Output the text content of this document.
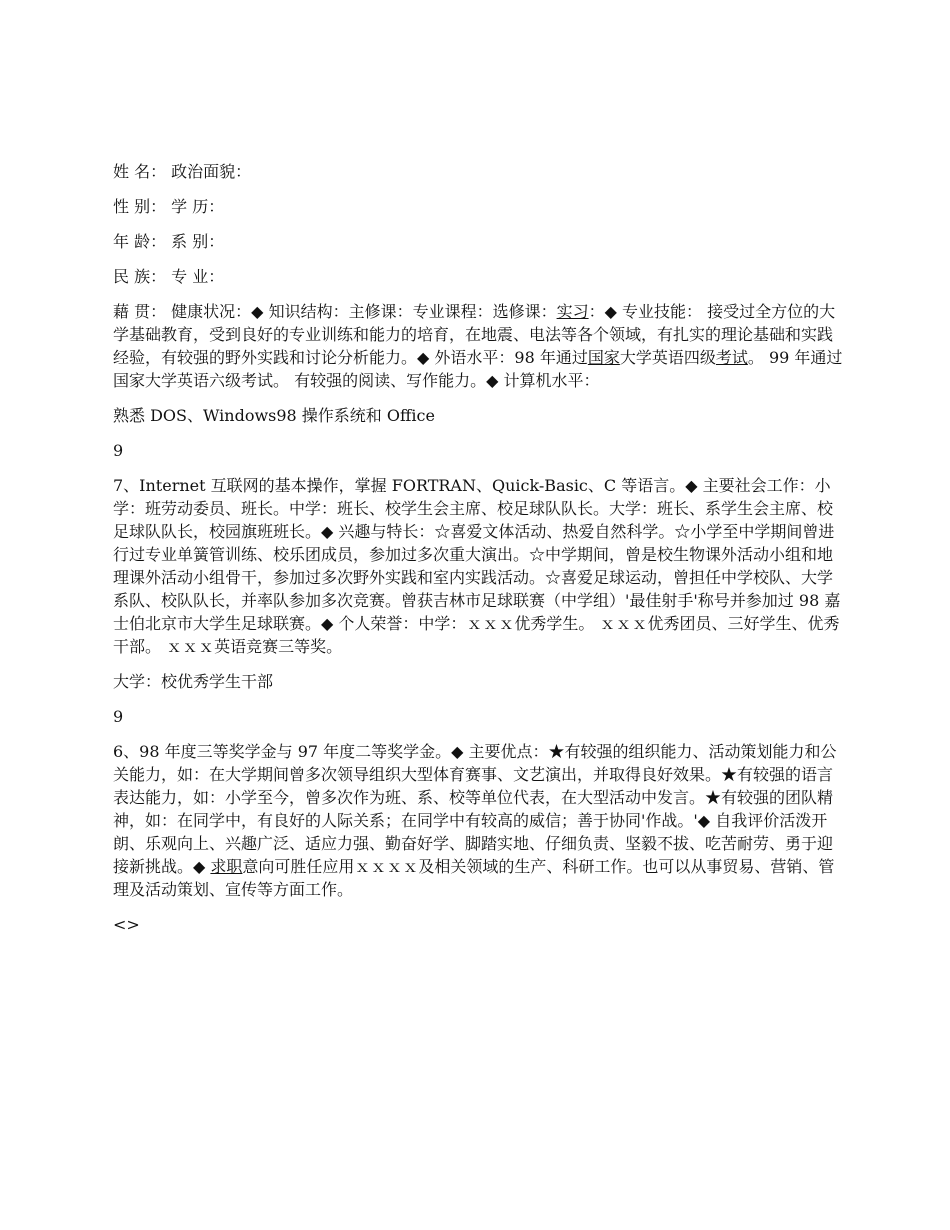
姓 名： 政治面貌：

性 别： 学 历：

年 龄： 系 别：

民 族： 专 业：

藉 贯： 健康状况：◆ 知识结构：主修课：专业课程：选修课：实习：◆ 专业技能： 接受过全方位的大学基础教育，受到良好的专业训练和能力的培育，在地震、电法等各个领域，有扎实的理论基础和实践经验，有较强的野外实践和讨论分析能力。◆ 外语水平：98 年通过国家大学英语四级考试。 99 年通过国家大学英语六级考试。 有较强的阅读、写作能力。◆ 计算机水平：

熟悉 DOS、Windows98 操作系统和 Office

9

7、Internet 互联网的基本操作，掌握 FORTRAN、Quick-Basic、C 等语言。◆ 主要社会工作：小学：班劳动委员、班长。中学：班长、校学生会主席、校足球队队长。大学：班长、系学生会主席、校足球队队长，校园旗班班长。◆ 兴趣与特长：☆喜爱文体活动、热爱自然科学。☆小学至中学期间曾进行过专业单簧管训练、校乐团成员，参加过多次重大演出。☆中学期间，曾是校生物课外活动小组和地理课外活动小组骨干，参加过多次野外实践和室内实践活动。☆喜爱足球运动，曾担任中学校队、大学系队、校队队长，并率队参加多次竞赛。曾获吉林市足球联赛（中学组）'最佳射手'称号并参加过 98 嘉士伯北京市大学生足球联赛。◆ 个人荣誉：中学：ｘｘｘ优秀学生。 ｘｘｘ优秀团员、三好学生、优秀干部。 ｘｘｘ英语竞赛三等奖。

大学：校优秀学生干部

9

6、98 年度三等奖学金与 97 年度二等奖学金。◆ 主要优点：★有较强的组织能力、活动策划能力和公关能力，如：在大学期间曾多次领导组织大型体育赛事、文艺演出，并取得良好效果。★有较强的语言表达能力，如：小学至今，曾多次作为班、系、校等单位代表，在大型活动中发言。★有较强的团队精神，如：在同学中，有良好的人际关系；在同学中有较高的威信；善于协同'作战。'◆ 自我评价活泼开朗、乐观向上、兴趣广泛、适应力强、勤奋好学、脚踏实地、仔细负责、坚毅不拔、吃苦耐劳、勇于迎接新挑战。◆ 求职意向可胜任应用ｘｘｘｘ及相关领域的生产、科研工作。也可以从事贸易、营销、管理及活动策划、宣传等方面工作。

<>
